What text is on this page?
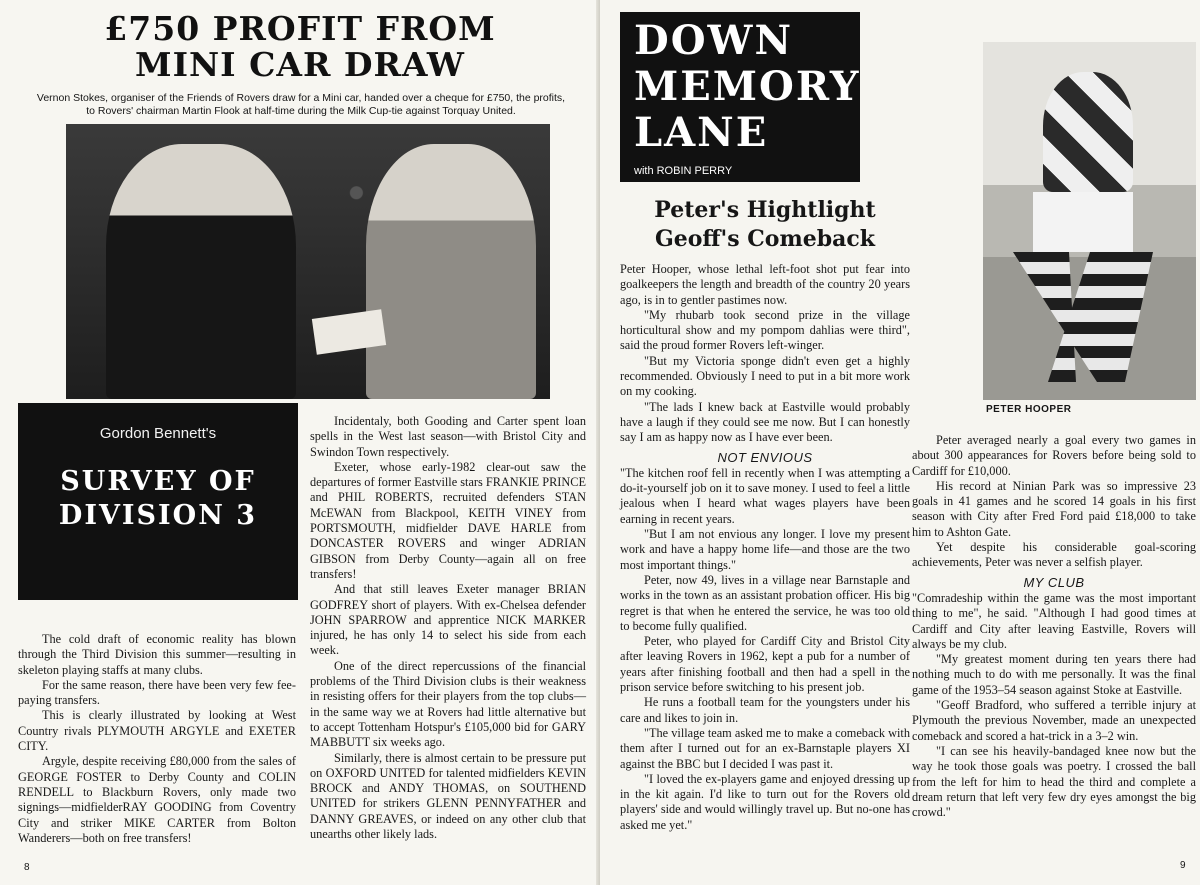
£750 PROFIT FROM
MINI CAR DRAW
Vernon Stokes, organiser of the Friends of Rovers draw for a Mini car, handed over a cheque for £750, the profits,
to Rovers' chairman Martin Flook at half-time during the Milk Cup-tie against Torquay United.
Gordon Bennett's
SURVEY OF
DIVISION 3

The cold draft of economic reality has blown through the Third Division this summer—resulting in skeleton playing staffs at many clubs.

For the same reason, there have been very few fee-paying transfers.

This is clearly illustrated by looking at West Country rivals PLYMOUTH ARGYLE and EXETER CITY.

Argyle, despite receiving £80,000 from the sales of GEORGE FOSTER to Derby County and COLIN RENDELL to Blackburn Rovers, only made two signings—midfielderRAY GOODING from Coventry City and striker MIKE CARTER from Bolton Wanderers—both on free transfers!

Incidentaly, both Gooding and Carter spent loan spells in the West last season—with Bristol City and Swindon Town respectively.

Exeter, whose early-1982 clear-out saw the departures of former Eastville stars FRANKIE PRINCE and PHIL ROBERTS, recruited defenders STAN McEWAN from Blackpool, KEITH VINEY from PORTSMOUTH, midfielder DAVE HARLE from DONCASTER ROVERS and winger ADRIAN GIBSON from Derby County—again all on free transfers!

And that still leaves Exeter manager BRIAN GODFREY short of players. With ex-Chelsea defender JOHN SPARROW and apprentice NICK MARKER injured, he has only 14 to select his side from each week.

One of the direct repercussions of the financial problems of the Third Division clubs is their weakness in resisting offers for their players from the top clubs—in the same way we at Rovers had little alternative but to accept Tottenham Hotspur's £105,000 bid for GARY MABBUTT six weeks ago.

Similarly, there is almost certain to be pressure put on OXFORD UNITED for talented midfielders KEVIN BROCK and ANDY THOMAS, on SOUTHEND UNITED for strikers GLENN PENNYFATHER and DANNY GREAVES, or indeed on any other club that unearths other likely lads.

8
DOWN
MEMORY
LANE
with ROBIN PERRY
Peter's Hightlight
Geoff's Comeback

Peter Hooper, whose lethal left-foot shot put fear into goalkeepers the length and breadth of the country 20 years ago, is in to gentler pastimes now.

"My rhubarb took second prize in the village horticultural show and my pompom dahlias were third", said the proud former Rovers left-winger.

"But my Victoria sponge didn't even get a highly recommended. Obviously I need to put in a bit more work on my cooking.

"The lads I knew back at Eastville would probably have a laugh if they could see me now. But I can honestly say I am as happy now as I have ever been.

NOT ENVIOUS

"The kitchen roof fell in recently when I was attempting a do-it-yourself job on it to save money. I used to feel a little jealous when I heard what wages players have been earning in recent years.

"But I am not envious any longer. I love my present work and have a happy home life—and those are the two most important things."

Peter, now 49, lives in a village near Barnstaple and works in the town as an assistant probation officer. His big regret is that when he entered the service, he was too old to become fully qualified.

Peter, who played for Cardiff City and Bristol City after leaving Rovers in 1962, kept a pub for a number of years after finishing football and then had a spell in the prison service before switching to his present job.

He runs a football team for the youngsters under his care and likes to join in.

"The village team asked me to make a comeback with them after I turned out for an ex-Barnstaple players XI against the BBC but I decided I was past it.

"I loved the ex-players game and enjoyed dressing up in the kit again. I'd like to turn out for the Rovers old players' side and would willingly travel up. But no-one has asked me yet."

PETER HOOPER

Peter averaged nearly a goal every two games in about 300 appearances for Rovers before being sold to Cardiff for £10,000.

His record at Ninian Park was so impressive 23 goals in 41 games and he scored 14 goals in his first season with City after Fred Ford paid £18,000 to take him to Ashton Gate.

Yet despite his considerable goal-scoring achievements, Peter was never a selfish player.

MY CLUB

"Comradeship within the game was the most important thing to me", he said. "Although I had good times at Cardiff and City after leaving Eastville, Rovers will always be my club.

"My greatest moment during ten years there had nothing much to do with me personally. It was the final game of the 1953–54 season against Stoke at Eastville.

"Geoff Bradford, who suffered a terrible injury at Plymouth the previous November, made an unexpected comeback and scored a hat-trick in a 3–2 win.

"I can see his heavily-bandaged knee now but the way he took those goals was poetry. I crossed the ball from the left for him to head the third and complete a dream return that left very few dry eyes amongst the big crowd."

9
